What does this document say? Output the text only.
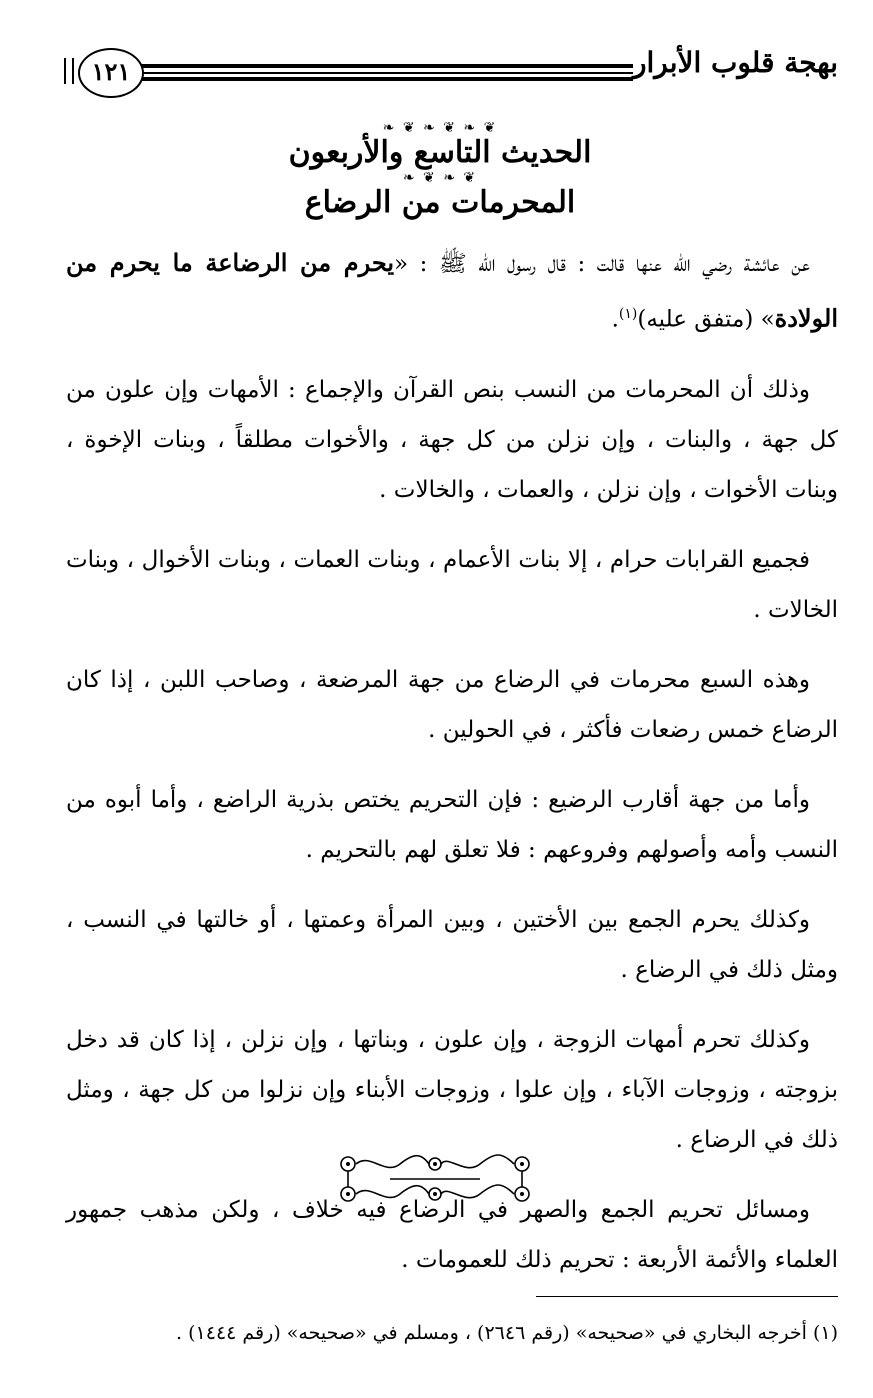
بهجة قلوب الأبرار
١٢١
❦ ❧ ❦ ❧ ❦ ❧

الحديث التاسع والأربعون

❦ ❧ ❦ ❧

المحرمات من الرضاع

عن عائشة رضي الله عنها قالت : قال رسول الله ﷺ : «يحرم من الرضاعة ما يحرم من الولادة» (متفق عليه)$^{(١)}$.

وذلك أن المحرمات من النسب بنص القرآن والإجماع : الأمهات وإن علون من كل جهة ، والبنات ، وإن نزلن من كل جهة ، والأخوات مطلقاً ، وبنات الإخوة ، وبنات الأخوات ، وإن نزلن ، والعمات ، والخالات .

فجميع القرابات حرام ، إلا بنات الأعمام ، وبنات العمات ، وبنات الأخوال ، وبنات الخالات .

وهذه السبع محرمات في الرضاع من جهة المرضعة ، وصاحب اللبن ، إذا كان الرضاع خمس رضعات فأكثر ، في الحولين .

وأما من جهة أقارب الرضيع : فإن التحريم يختص بذرية الراضع ، وأما أبوه من النسب وأمه وأصولهم وفروعهم : فلا تعلق لهم بالتحريم .

وكذلك يحرم الجمع بين الأختين ، وبين المرأة وعمتها ، أو خالتها في النسب ، ومثل ذلك في الرضاع .

وكذلك تحرم أمهات الزوجة ، وإن علون ، وبناتها ، وإن نزلن ، إذا كان قد دخل بزوجته ، وزوجات الآباء ، وإن علوا ، وزوجات الأبناء وإن نزلوا من كل جهة ، ومثل ذلك في الرضاع .

ومسائل تحريم الجمع والصهر في الرضاع فيه خلاف ، ولكن مذهب جمهور العلماء والأئمة الأربعة : تحريم ذلك للعمومات .

(١) أخرجه البخاري في «صحيحه» (رقم ٢٦٤٦) ، ومسلم في «صحيحه» (رقم ١٤٤٤) .
